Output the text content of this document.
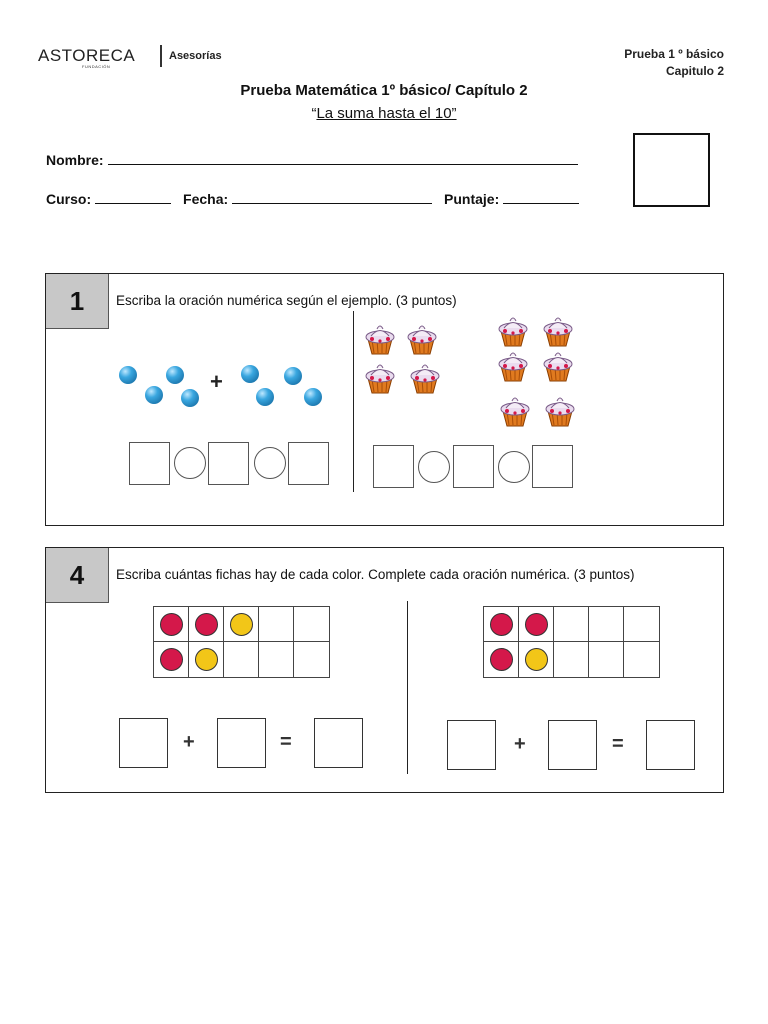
ASTORECA
FUNDACIÓN
Asesorías	Prueba 1 º básico
Capitulo 2
Prueba Matemática 1º básico/ Capítulo 2
“La suma hasta el 10”
Nombre:
Curso:	Fecha:	Puntaje:
1	Escriba la oración numérica según el ejemplo. (3 puntos)
+
4	Escriba cuántas fichas hay de cada color. Complete cada oración numérica. (3 puntos)
+	=	+	=
